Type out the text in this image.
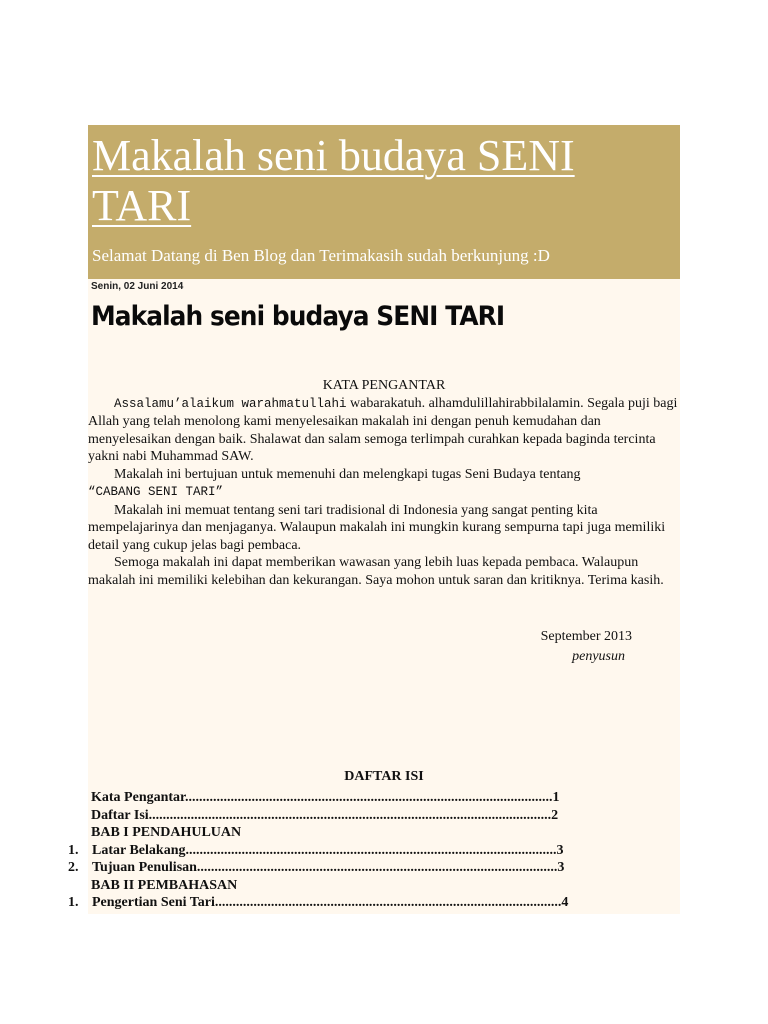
Makalah seni budaya SENI TARI
Selamat Datang di Ben Blog dan Terimakasih sudah berkunjung :D
Senin, 02 Juni 2014
Makalah seni budaya SENI TARI
KATA PENGANTAR

Assalamu’alaikum warahmatullahi wabarakatuh. alhamdulillahirabbilalamin. Segala puji bagi Allah yang telah menolong kami menyelesaikan makalah ini dengan penuh kemudahan dan menyelesaikan dengan baik. Shalawat dan salam semoga terlimpah curahkan kepada baginda tercinta yakni nabi Muhammad SAW.

Makalah ini bertujuan untuk memenuhi dan melengkapi tugas Seni Budaya tentang

“CABANG SENI TARI”

Makalah ini memuat tentang seni tari tradisional di Indonesia yang sangat penting kita mempelajarinya dan menjaganya. Walaupun makalah ini mungkin kurang sempurna tapi juga memiliki detail yang cukup jelas bagi pembaca.

Semoga makalah ini dapat memberikan wawasan yang lebih luas kepada pembaca. Walaupun makalah ini memiliki kelebihan dan kekurangan. Saya mohon untuk saran dan kritiknya. Terima kasih.

September 2013
penyusun
DAFTAR ISI
Kata Pengantar.........................................................................................................1
Daftar Isi...................................................................................................................2
BAB I PENDAHULUAN
1. Latar Belakang..........................................................................................................3
2. Tujuan Penulisan.......................................................................................................3
BAB II PEMBAHASAN
1. Pengertian Seni Tari...................................................................................................4
